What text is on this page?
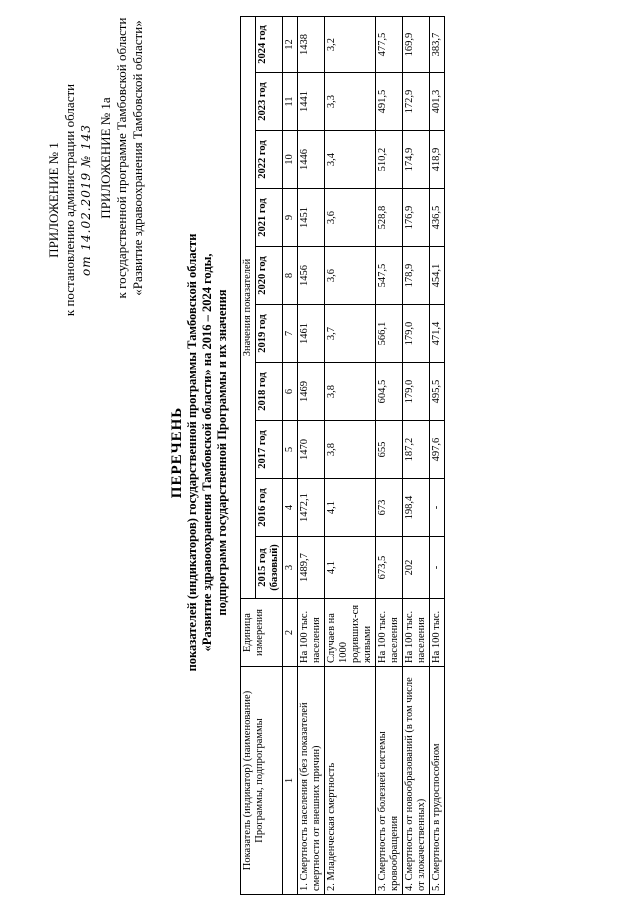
ПРИЛОЖЕНИЕ № 1 к постановлению администрации области от 14.02.2019 № 143 ПРИЛОЖЕНИЕ № 1а к государственной программе Тамбовской области «Развитие здравоохранения Тамбовской области»
ПЕРЕЧЕНЬ показателей (индикаторов) государственной программы Тамбовской области «Развитие здравоохранения Тамбовской области» на 2016 – 2024 годы, подпрограмм государственной Программы и их значения
Показатель (индикатор) (наименование) Программы, подпрограммы	Единица измерения	Значения показателей									
		2015 год (базовый)	2016 год	2017 год	2018 год	2019 год	2020 год	2021 год	2022 год	2023 год	2024 год
1	2	3	4	5	6	7	8	9	10	11	12
1. Смертность населения (без показателей смертности от внешних причин)	На 100 тыс. населения	1489,7	1472,1	1470	1469	1461	1456	1451	1446	1441	1438
2. Младенческая смертность	Случаев на 1000 родивших-ся живыми	4,1	4,1	3,8	3,8	3,7	3,6	3,6	3,4	3,3	3,2
3. Смертность от болезней системы кровообращения	На 100 тыс. населения	673,5	673	655	604,5	566,1	547,5	528,8	510,2	491,5	477,5
4. Смертность от новообразований (в том числе от злокачественных)	На 100 тыс. населения	202	198,4	187,2	179,0	179,0	178,9	176,9	174,9	172,9	169,9
5. Смертность в трудоспособном	На 100 тыс.	-	-	497,6	495,5	471,4	454,1	436,5	418,9	401,3	383,7
